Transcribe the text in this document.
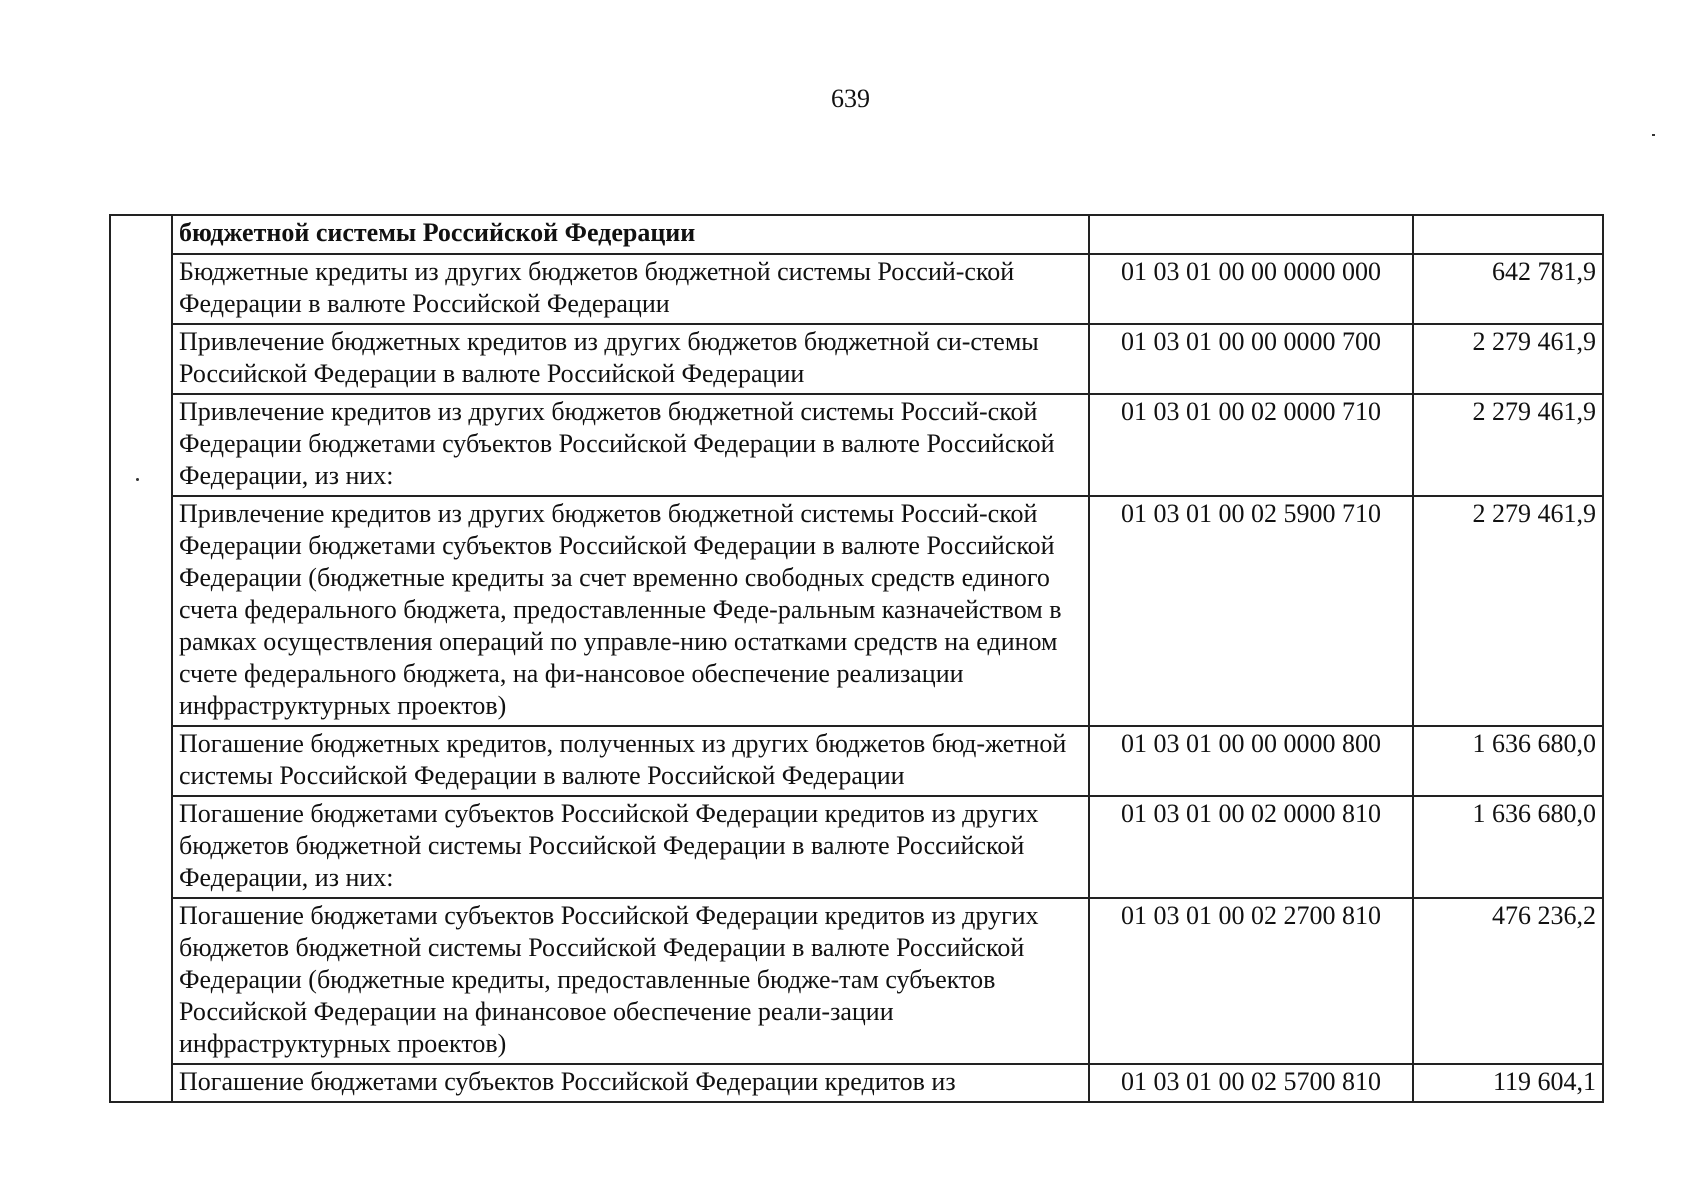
639
	бюджетной системы Российской Федерации		
	Бюджетные кредиты из других бюджетов бюджетной системы Россий-ской Федерации в валюте Российской Федерации	01 03 01 00 00 0000 000	642 781,9
	Привлечение бюджетных кредитов из других бюджетов бюджетной си-стемы Российской Федерации в валюте Российской Федерации	01 03 01 00 00 0000 700	2 279 461,9
	Привлечение кредитов из других бюджетов бюджетной системы Россий-ской Федерации бюджетами субъектов Российской Федерации в валюте Российской Федерации, из них:	01 03 01 00 02 0000 710	2 279 461,9
	Привлечение кредитов из других бюджетов бюджетной системы Россий-ской Федерации бюджетами субъектов Российской Федерации в валюте Российской Федерации (бюджетные кредиты за счет временно свободных средств единого счета федерального бюджета, предоставленные Феде-ральным казначейством в рамках осуществления операций по управле-нию остатками средств на едином счете федерального бюджета, на фи-нансовое обеспечение реализации инфраструктурных проектов)	01 03 01 00 02 5900 710	2 279 461,9
	Погашение бюджетных кредитов, полученных из других бюджетов бюд-жетной системы Российской Федерации в валюте Российской Федерации	01 03 01 00 00 0000 800	1 636 680,0
	Погашение бюджетами субъектов Российской Федерации кредитов из других бюджетов бюджетной системы Российской Федерации в валюте Российской Федерации, из них:	01 03 01 00 02 0000 810	1 636 680,0
	Погашение бюджетами субъектов Российской Федерации кредитов из других бюджетов бюджетной системы Российской Федерации в валюте Российской Федерации (бюджетные кредиты, предоставленные бюдже-там субъектов Российской Федерации на финансовое обеспечение реали-зации инфраструктурных проектов)	01 03 01 00 02 2700 810	476 236,2
	Погашение бюджетами субъектов Российской Федерации кредитов из	01 03 01 00 02 5700 810	119 604,1
